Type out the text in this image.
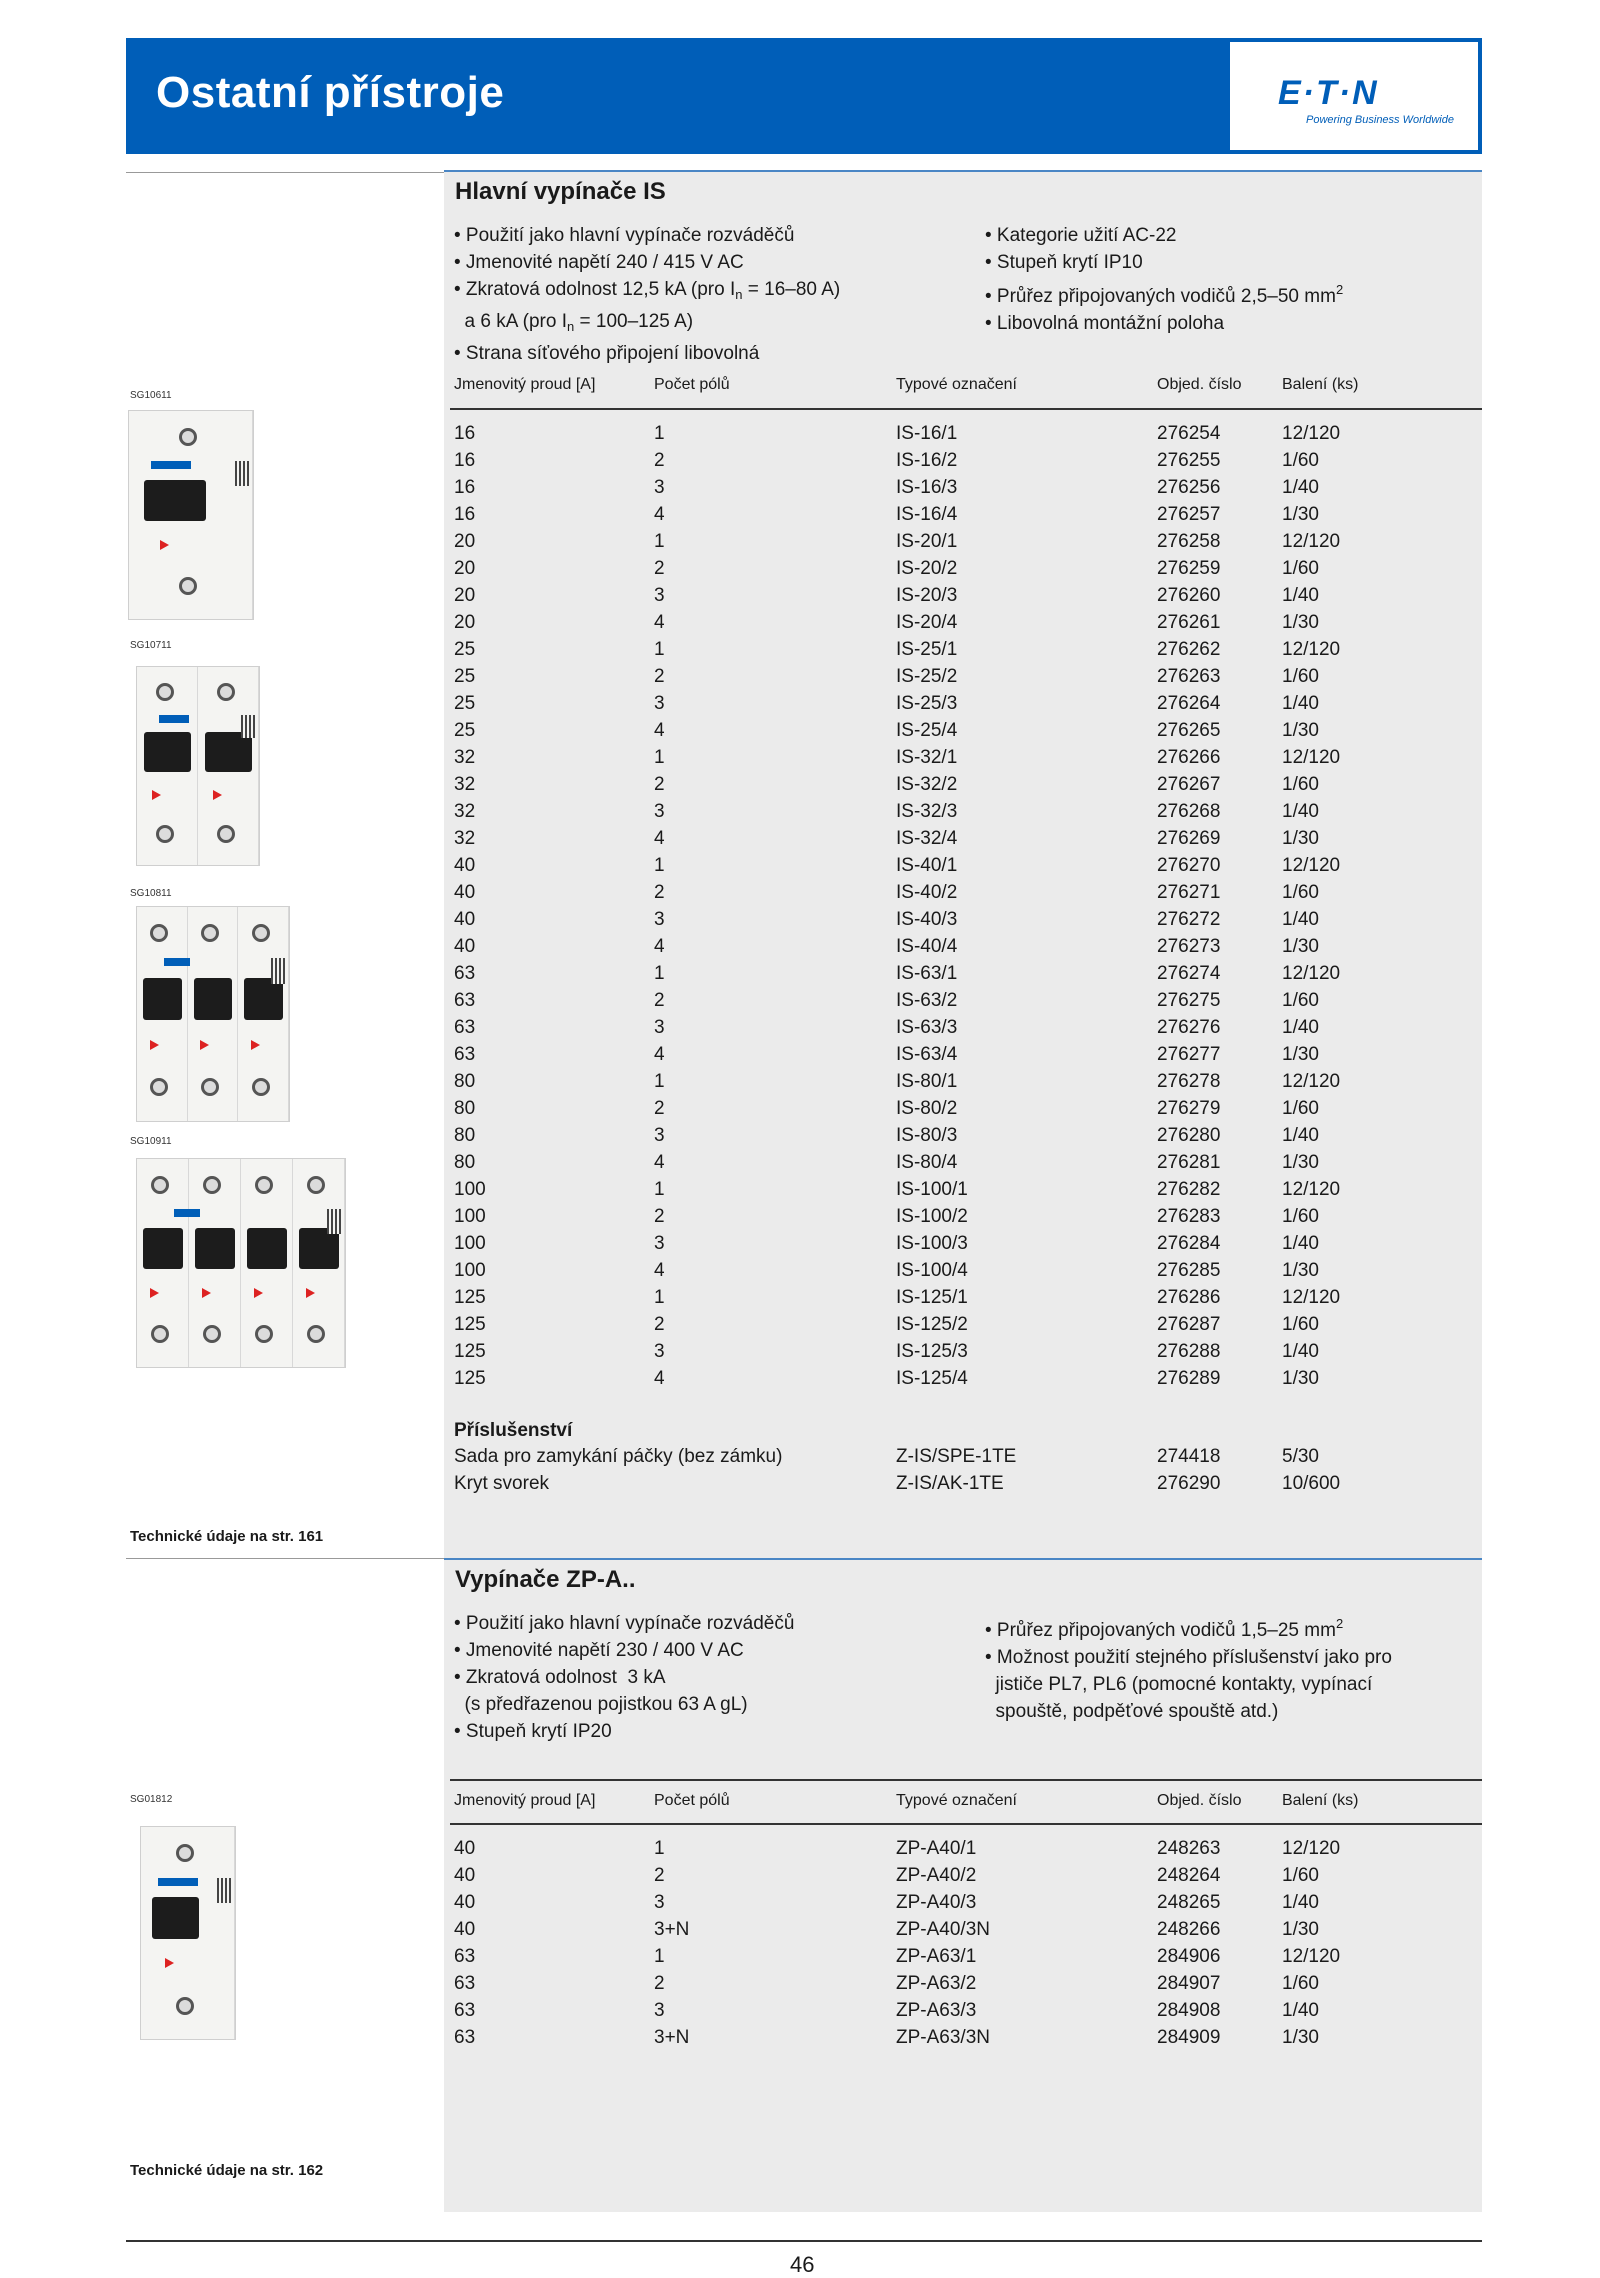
Ostatní přístroje	E·T·N
Powering Business Worldwide
Hlavní vypínače IS
• Použití jako hlavní vypínače rozváděčů
• Jmenovité napětí 240 / 415 V AC
• Zkratová odolnost 12,5 kA (pro $I_n = 16-80$ A)
a 6 kA (pro $I_n = 100-125$ A)
• Strana síťového připojení libovolná
• Kategorie užití AC-22
• Stupeň krytí IP10
• Průřez připojovaných vodičů 2,5–50 $mm^2$
• Libovolná montážní poloha
Jmenovitý proud [A]	Počet pólů	Typové označení	Objed. číslo	Balení (ks)
16	1	IS-16/1	276254	12/120
16	2	IS-16/2	276255	1/60
16	3	IS-16/3	276256	1/40
16	4	IS-16/4	276257	1/30
20	1	IS-20/1	276258	12/120
20	2	IS-20/2	276259	1/60
20	3	IS-20/3	276260	1/40
20	4	IS-20/4	276261	1/30
25	1	IS-25/1	276262	12/120
25	2	IS-25/2	276263	1/60
25	3	IS-25/3	276264	1/40
25	4	IS-25/4	276265	1/30
32	1	IS-32/1	276266	12/120
32	2	IS-32/2	276267	1/60
32	3	IS-32/3	276268	1/40
32	4	IS-32/4	276269	1/30
40	1	IS-40/1	276270	12/120
40	2	IS-40/2	276271	1/60
40	3	IS-40/3	276272	1/40
40	4	IS-40/4	276273	1/30
63	1	IS-63/1	276274	12/120
63	2	IS-63/2	276275	1/60
63	3	IS-63/3	276276	1/40
63	4	IS-63/4	276277	1/30
80	1	IS-80/1	276278	12/120
80	2	IS-80/2	276279	1/60
80	3	IS-80/3	276280	1/40
80	4	IS-80/4	276281	1/30
100	1	IS-100/1	276282	12/120
100	2	IS-100/2	276283	1/60
100	3	IS-100/3	276284	1/40
100	4	IS-100/4	276285	1/30
125	1	IS-125/1	276286	12/120
125	2	IS-125/2	276287	1/60
125	3	IS-125/3	276288	1/40
125	4	IS-125/4	276289	1/30
Příslušenství
Sada pro zamykání páčky (bez zámku)	Z-IS/SPE-1TE	274418	5/30
Kryt svorek	Z-IS/AK-1TE	276290	10/600
SG10611
SG10711
SG10811
SG10911
Technické údaje na str. 161
Vypínače ZP-A..
• Použití jako hlavní vypínače rozváděčů
• Jmenovité napětí 230 / 400 V AC
• Zkratová odolnost  3 kA
(s předřazenou pojistkou 63 A gL)
• Stupeň krytí IP20
• Průřez připojovaných vodičů 1,5–25 $mm^2$
• Možnost použití stejného příslušenství jako pro
jističe PL7, PL6 (pomocné kontakty, vypínací
spouště, podpěťové spouště atd.)
Jmenovitý proud [A]	Počet pólů	Typové označení	Objed. číslo	Balení (ks)
40	1	ZP-A40/1	248263	12/120
40	2	ZP-A40/2	248264	1/60
40	3	ZP-A40/3	248265	1/40
40	3+N	ZP-A40/3N	248266	1/30
63	1	ZP-A63/1	284906	12/120
63	2	ZP-A63/2	284907	1/60
63	3	ZP-A63/3	284908	1/40
63	3+N	ZP-A63/3N	284909	1/30
SG01812
Technické údaje na str. 162
46
